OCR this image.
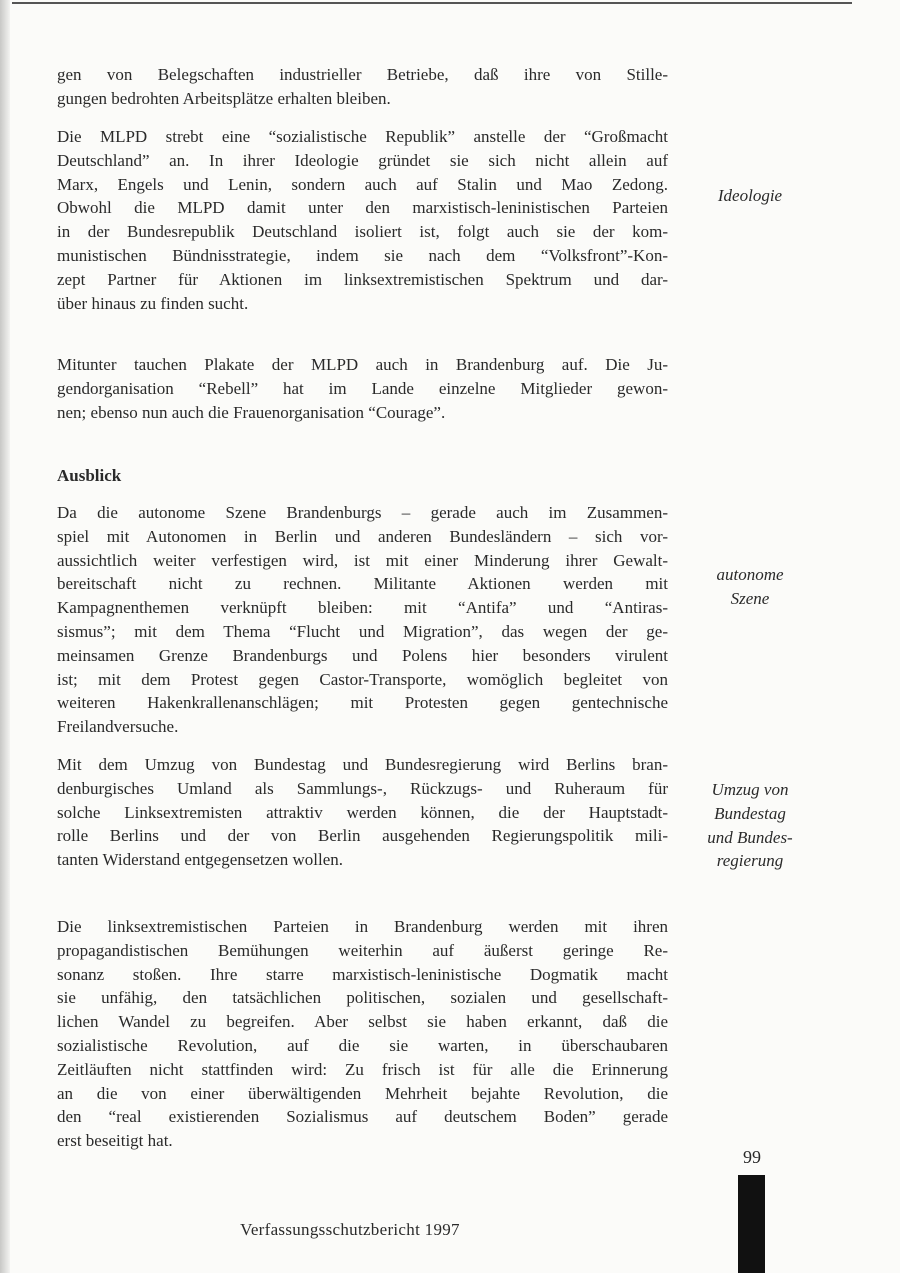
gen von Belegschaften industrieller Betriebe, daß ihre von Stille-
gungen bedrohten Arbeitsplätze erhalten bleiben.
Die MLPD strebt eine “sozialistische Republik” anstelle der “Großmacht
Deutschland” an. In ihrer Ideologie gründet sie sich nicht allein auf
Marx, Engels und Lenin, sondern auch auf Stalin und Mao Zedong.
Obwohl die MLPD damit unter den marxistisch-leninistischen Parteien
in der Bundesrepublik Deutschland isoliert ist, folgt auch sie der kom-
munistischen Bündnisstrategie, indem sie nach dem “Volksfront”-Kon-
zept Partner für Aktionen im linksextremistischen Spektrum und dar-
über hinaus zu finden sucht.
Mitunter tauchen Plakate der MLPD auch in Brandenburg auf. Die Ju-
gendorganisation “Rebell” hat im Lande einzelne Mitglieder gewon-
nen; ebenso nun auch die Frauenorganisation “Courage”.
Ausblick
Da die autonome Szene Brandenburgs – gerade auch im Zusammen-
spiel mit Autonomen in Berlin und anderen Bundesländern – sich vor-
aussichtlich weiter verfestigen wird, ist mit einer Minderung ihrer Gewalt-
bereitschaft nicht zu rechnen. Militante Aktionen werden mit
Kampagnenthemen verknüpft bleiben: mit “Antifa” und “Antiras-
sismus”; mit dem Thema “Flucht und Migration”, das wegen der ge-
meinsamen Grenze Brandenburgs und Polens hier besonders virulent
ist; mit dem Protest gegen Castor-Transporte, womöglich begleitet von
weiteren Hakenkrallenanschlägen; mit Protesten gegen gentechnische
Freilandversuche.
Mit dem Umzug von Bundestag und Bundesregierung wird Berlins bran-
denburgisches Umland als Sammlungs-, Rückzugs- und Ruheraum für
solche Linksextremisten attraktiv werden können, die der Hauptstadt-
rolle Berlins und der von Berlin ausgehenden Regierungspolitik mili-
tanten Widerstand entgegensetzen wollen.
Die linksextremistischen Parteien in Brandenburg werden mit ihren
propagandistischen Bemühungen weiterhin auf äußerst geringe Re-
sonanz stoßen. Ihre starre marxistisch-leninistische Dogmatik macht
sie unfähig, den tatsächlichen politischen, sozialen und gesellschaft-
lichen Wandel zu begreifen. Aber selbst sie haben erkannt, daß die
sozialistische Revolution, auf die sie warten, in überschaubaren
Zeitläuften nicht stattfinden wird: Zu frisch ist für alle die Erinnerung
an die von einer überwältigenden Mehrheit bejahte Revolution, die
den “real existierenden Sozialismus auf deutschem Boden” gerade
erst beseitigt hat.
Ideologie
autonome
Szene
Umzug von
Bundestag
und Bundes-
regierung
99
Verfassungsschutzbericht 1997
